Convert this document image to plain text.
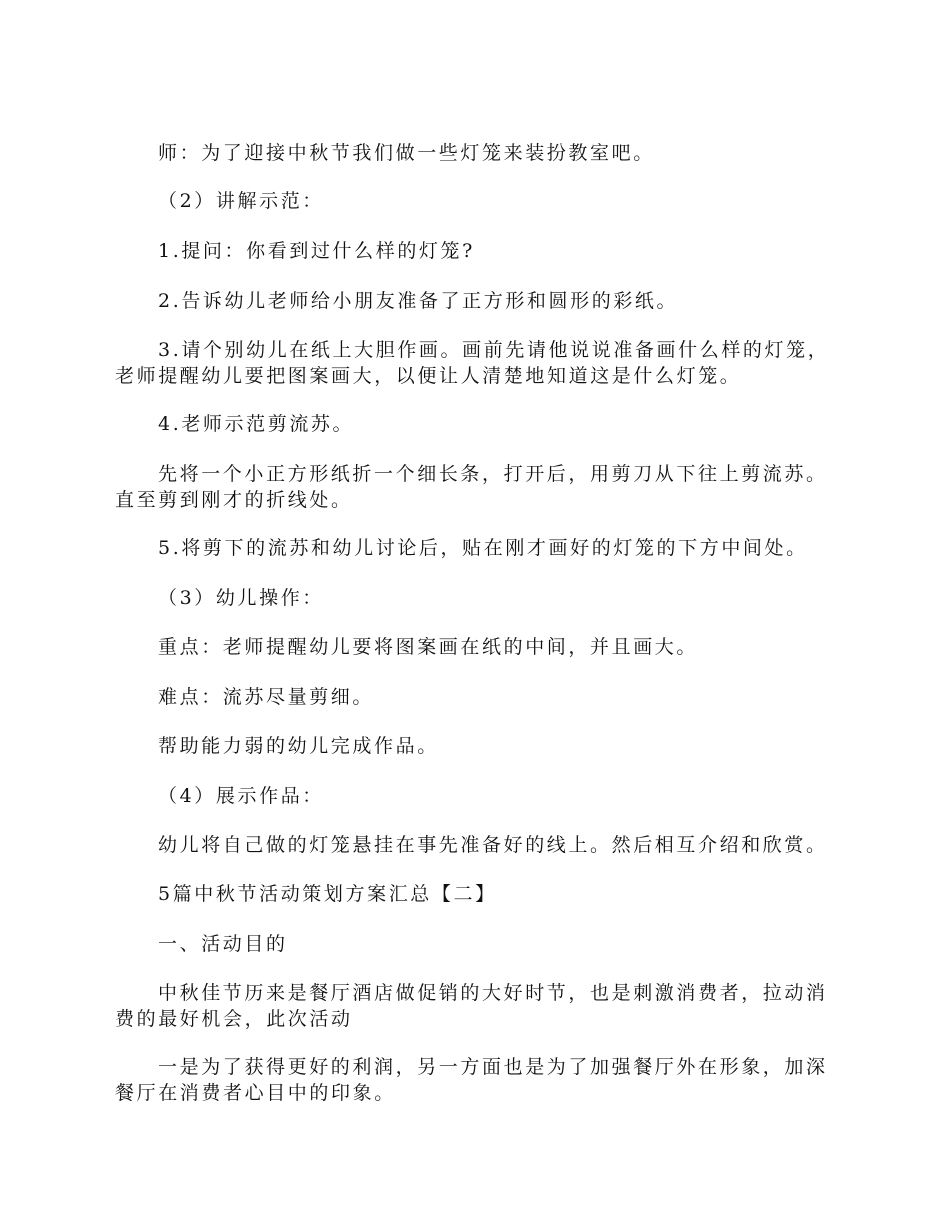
师：为了迎接中秋节我们做一些灯笼来装扮教室吧。

（2）讲解示范：

1.提问：你看到过什么样的灯笼?

2.告诉幼儿老师给小朋友准备了正方形和圆形的彩纸。

3.请个别幼儿在纸上大胆作画。画前先请他说说准备画什么样的灯笼，
老师提醒幼儿要把图案画大，以便让人清楚地知道这是什么灯笼。

4.老师示范剪流苏。

先将一个小正方形纸折一个细长条，打开后，用剪刀从下往上剪流苏。
直至剪到刚才的折线处。

5.将剪下的流苏和幼儿讨论后，贴在刚才画好的灯笼的下方中间处。

（3）幼儿操作：

重点：老师提醒幼儿要将图案画在纸的中间，并且画大。

难点：流苏尽量剪细。

帮助能力弱的幼儿完成作品。

（4）展示作品：

幼儿将自己做的灯笼悬挂在事先准备好的线上。然后相互介绍和欣赏。

5篇中秋节活动策划方案汇总【二】

一、活动目的

中秋佳节历来是餐厅酒店做促销的大好时节，也是刺激消费者，拉动消
费的最好机会，此次活动

一是为了获得更好的利润，另一方面也是为了加强餐厅外在形象，加深
餐厅在消费者心目中的印象。
